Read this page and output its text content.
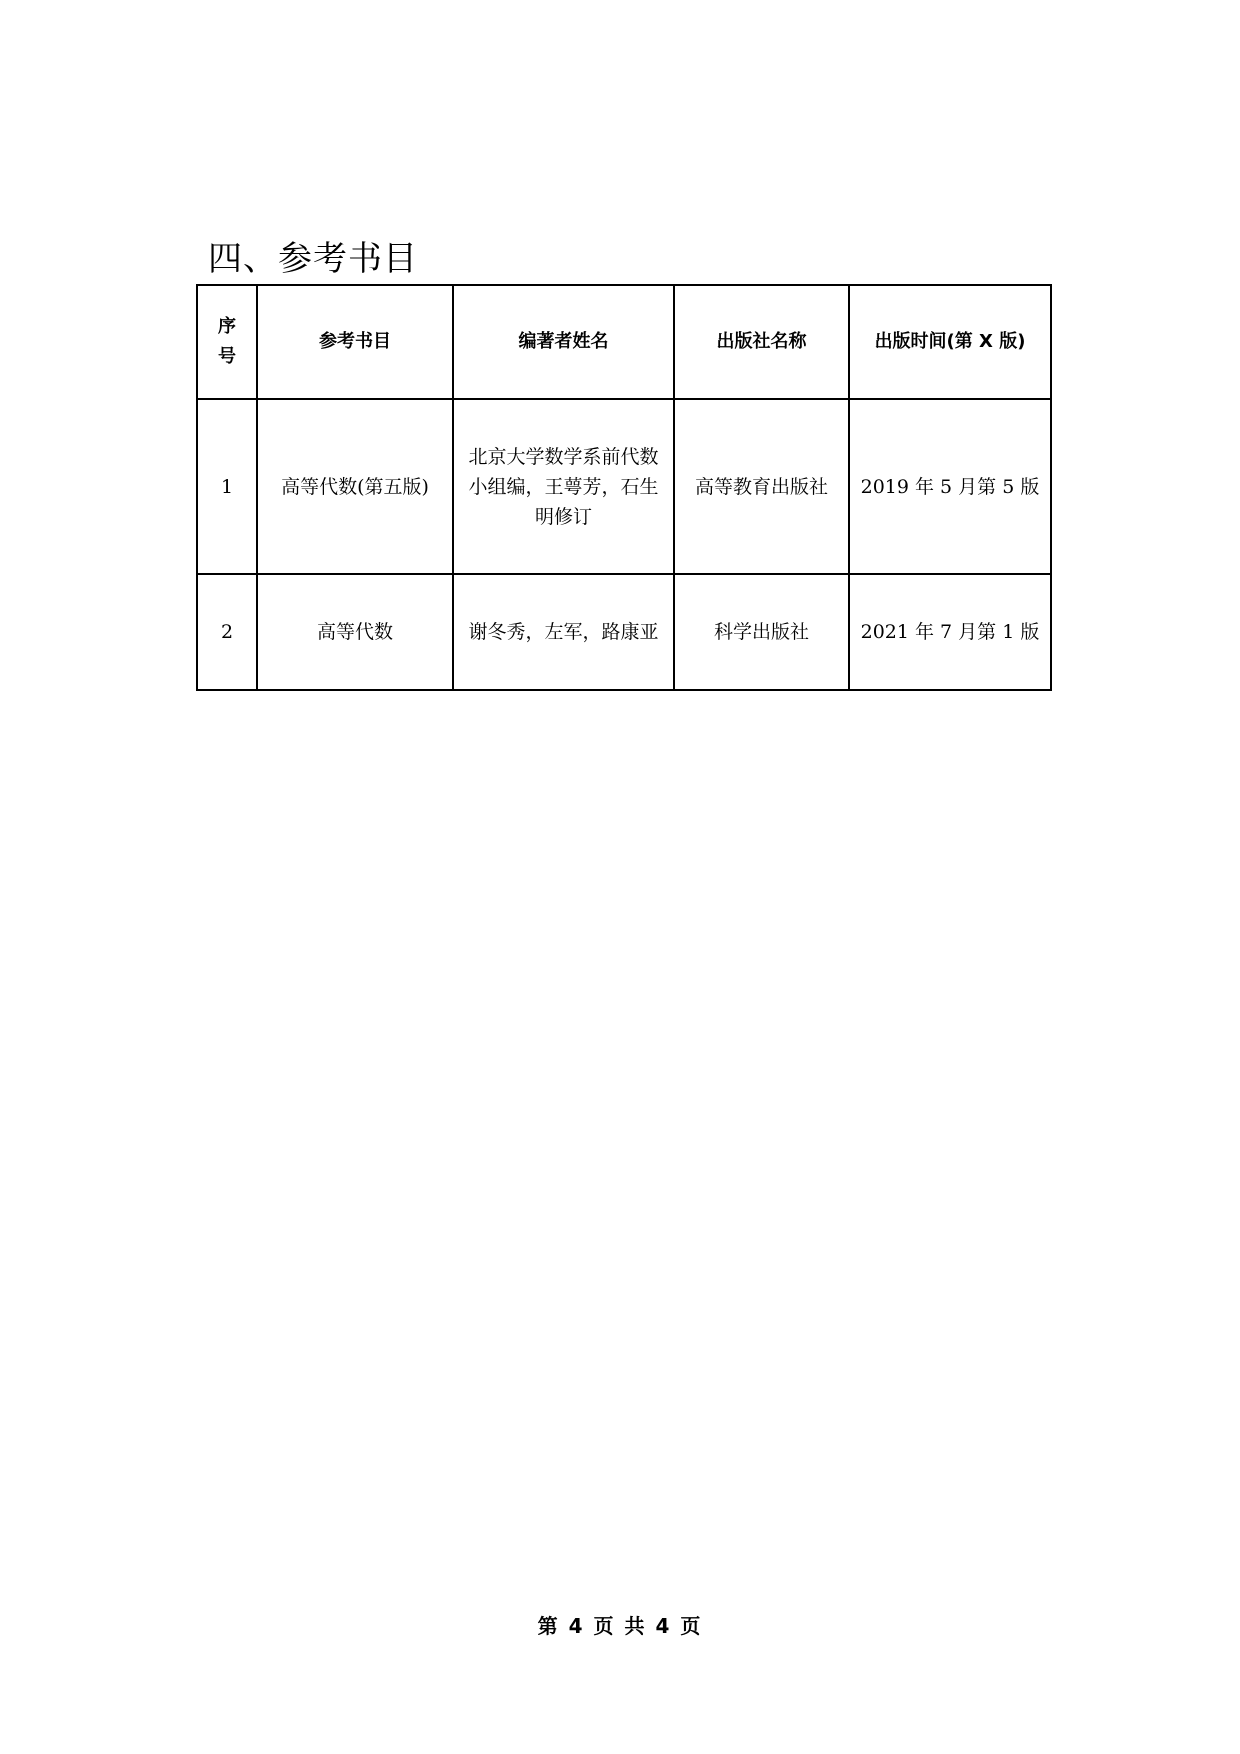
四、参考书目
序
号	参考书目	编著者姓名	出版社名称	出版时间(第 X 版)
1	高等代数(第五版)	北京大学数学系前代数小组编，王萼芳，石生明修订	高等教育出版社	2019 年 5 月第 5 版
2	高等代数	谢冬秀，左军，路康亚	科学出版社	2021 年 7 月第 1 版
第 4 页 共 4 页
